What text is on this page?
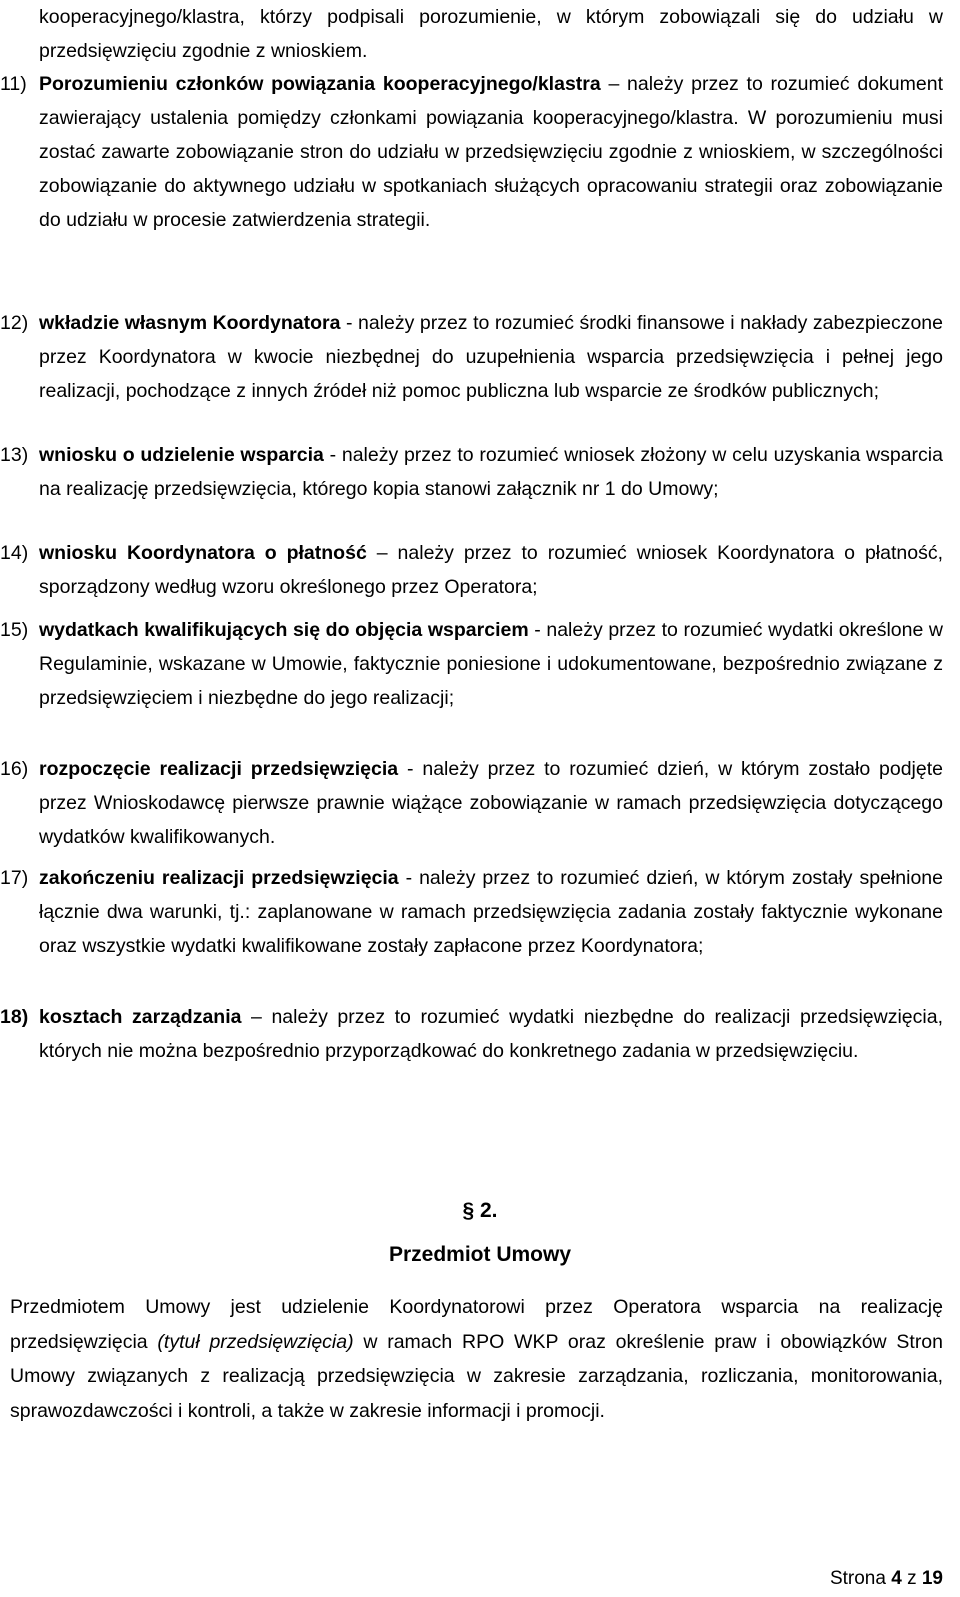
kooperacyjnego/klastra, którzy podpisali porozumienie, w którym zobowiązali się do udziału w przedsięwzięciu zgodnie z wnioskiem.
11) Porozumieniu członków powiązania kooperacyjnego/klastra – należy przez to rozumieć dokument zawierający ustalenia pomiędzy członkami powiązania kooperacyjnego/klastra. W porozumieniu musi zostać zawarte zobowiązanie stron do udziału w przedsięwzięciu zgodnie z wnioskiem, w szczególności zobowiązanie do aktywnego udziału w spotkaniach służących opracowaniu strategii oraz zobowiązanie do udziału w procesie zatwierdzenia strategii.
12) wkładzie własnym Koordynatora - należy przez to rozumieć środki finansowe i nakłady zabezpieczone przez Koordynatora w kwocie niezbędnej do uzupełnienia wsparcia przedsięwzięcia i pełnej jego realizacji, pochodzące z innych źródeł niż pomoc publiczna lub wsparcie ze środków publicznych;
13) wniosku o udzielenie wsparcia - należy przez to rozumieć wniosek złożony w celu uzyskania wsparcia na realizację przedsięwzięcia, którego kopia stanowi załącznik nr 1 do Umowy;
14) wniosku Koordynatora o płatność – należy przez to rozumieć wniosek Koordynatora o płatność, sporządzony według wzoru określonego przez Operatora;
15) wydatkach kwalifikujących się do objęcia wsparciem - należy przez to rozumieć wydatki określone w Regulaminie, wskazane w Umowie, faktycznie poniesione i udokumentowane, bezpośrednio związane z przedsięwzięciem i niezbędne do jego realizacji;
16) rozpoczęcie realizacji przedsięwzięcia - należy przez to rozumieć dzień, w którym zostało podjęte przez Wnioskodawcę pierwsze prawnie wiążące zobowiązanie w ramach przedsięwzięcia dotyczącego wydatków kwalifikowanych.
17) zakończeniu realizacji przedsięwzięcia - należy przez to rozumieć dzień, w którym zostały spełnione łącznie dwa warunki, tj.: zaplanowane w ramach przedsięwzięcia zadania zostały faktycznie wykonane oraz wszystkie wydatki kwalifikowane zostały zapłacone przez Koordynatora;
18) kosztach zarządzania – należy przez to rozumieć wydatki niezbędne do realizacji przedsięwzięcia, których nie można bezpośrednio przyporządkować do konkretnego zadania w przedsięwzięciu.
§ 2.
Przedmiot Umowy
Przedmiotem Umowy jest udzielenie Koordynatorowi przez Operatora wsparcia na realizację przedsięwzięcia (tytuł przedsięwzięcia) w ramach RPO WKP oraz określenie praw i obowiązków Stron Umowy związanych z realizacją przedsięwzięcia w zakresie zarządzania, rozliczania, monitorowania, sprawozdawczości i kontroli, a także w zakresie informacji i promocji.
Strona 4 z 19
